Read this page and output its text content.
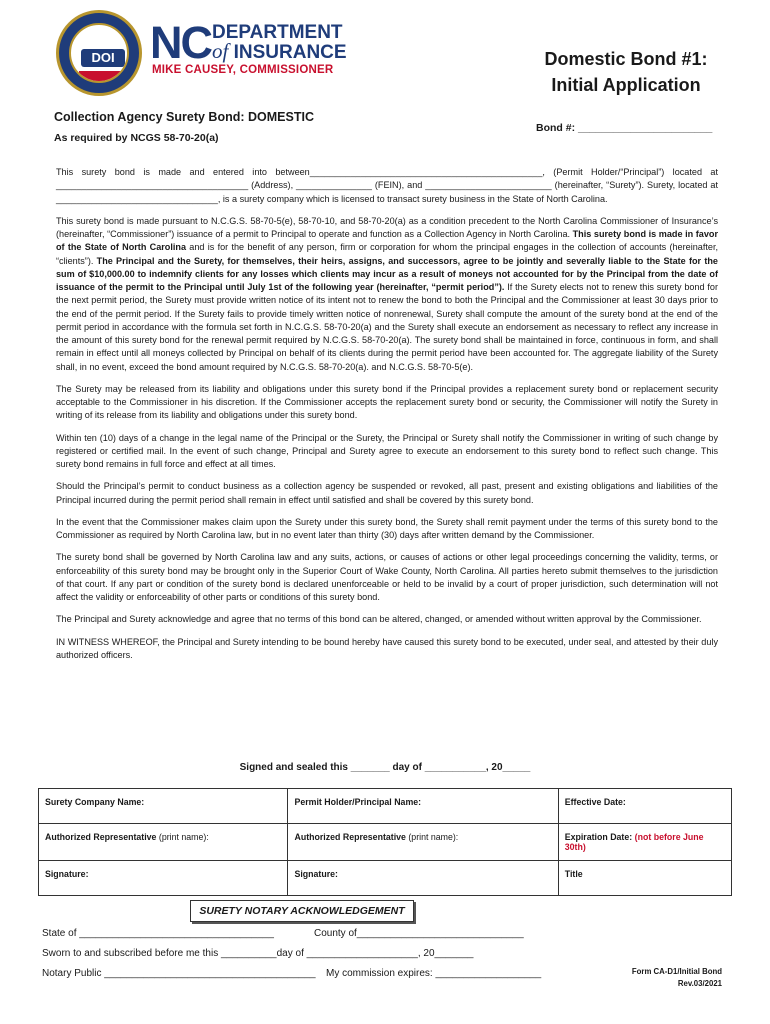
DOI NC DEPARTMENT
of INSURANCE
MIKE CAUSEY, COMMISSIONER
Domestic Bond #1:
Initial Application
Collection Agency Surety Bond: DOMESTIC
As required by NCGS 58-70-20(a)
Bond #: _______________________

This surety bond is made and entered into between______________________________________________, (Permit Holder/“Principal”) located at ______________________________________ (Address), _______________ (FEIN), and _________________________ (hereinafter, “Surety”). Surety, located at ________________________________, is a surety company which is licensed to transact surety business in the State of North Carolina.

This surety bond is made pursuant to N.C.G.S. 58-70-5(e), 58-70-10, and 58-70-20(a) as a condition precedent to the North Carolina Commissioner of Insurance’s (hereinafter, “Commissioner”) issuance of a permit to Principal to operate and function as a Collection Agency in North Carolina. This surety bond is made in favor of the State of North Carolina and is for the benefit of any person, firm or corporation for whom the principal engages in the collection of accounts (hereinafter, “clients”). The Principal and the Surety, for themselves, their heirs, assigns, and successors, agree to be jointly and severally liable to the State for the sum of $10,000.00 to indemnify clients for any losses which clients may incur as a result of moneys not accounted for by the Principal from the date of issuance of the permit to the Principal until July 1st of the following year (hereinafter, “permit period”). If the Surety elects not to renew this surety bond for the next permit period, the Surety must provide written notice of its intent not to renew the bond to both the Principal and the Commissioner at least 30 days prior to the end of the permit period. If the Surety fails to provide timely written notice of nonrenewal, Surety shall compute the amount of the surety bond at the end of the permit period in accordance with the formula set forth in N.C.G.S. 58-70-20(a) and the Surety shall execute an endorsement as necessary to reflect any increase in the amount of this surety bond for the renewal permit required by N.C.G.S. 58-70-20(a). The surety bond shall be maintained in force, continuous in form, and shall remain in effect until all moneys collected by Principal on behalf of its clients during the permit period have been accounted for. The aggregate liability of the Surety shall, in no event, exceed the bond amount required by N.C.G.S. 58-70-20(a). and N.C.G.S. 58-70-5(e).

The Surety may be released from its liability and obligations under this surety bond if the Principal provides a replacement surety bond or replacement security acceptable to the Commissioner in his discretion. If the Commissioner accepts the replacement surety bond or security, the Commissioner will notify the Surety in writing of its release from its liability and obligations under this surety bond.

Within ten (10) days of a change in the legal name of the Principal or the Surety, the Principal or Surety shall notify the Commissioner in writing of such change by registered or certified mail. In the event of such change, Principal and Surety agree to execute an endorsement to this surety bond to reflect such change. This surety bond remains in full force and effect at all times.

Should the Principal’s permit to conduct business as a collection agency be suspended or revoked, all past, present and existing obligations and liabilities of the Principal incurred during the permit period shall remain in effect until satisfied and shall be covered by this surety bond.

In the event that the Commissioner makes claim upon the Surety under this surety bond, the Surety shall remit payment under the terms of this surety bond to the Commissioner as required by North Carolina law, but in no event later than thirty (30) days after written demand by the Commissioner.

The surety bond shall be governed by North Carolina law and any suits, actions, or causes of actions or other legal proceedings concerning the validity, terms, or enforceability of this surety bond may be brought only in the Superior Court of Wake County, North Carolina. All parties hereto submit themselves to the jurisdiction of that court. If any part or condition of the surety bond is declared unenforceable or held to be invalid by a court of proper jurisdiction, such determination will not affect the validity or enforceability of other parts or conditions of this surety bond.

The Principal and Surety acknowledge and agree that no terms of this bond can be altered, changed, or amended without written approval by the Commissioner.

IN WITNESS WHEREOF, the Principal and Surety intending to be bound hereby have caused this surety bond to be executed, under seal, and attested by their duly authorized officers.

Signed and sealed this _______ day of ___________, 20_____
Surety Company Name:	Permit Holder/Principal Name:	Effective Date:
Authorized Representative (print name):	Authorized Representative (print name):	Expiration Date: (not before June 30th)
Signature:	Signature:	Title
SURETY NOTARY ACKNOWLEDGEMENT
State of ___________________________________	County of______________________________
Sworn to and subscribed before me this __________day of ____________________, 20_______
Notary Public ______________________________________ My commission expires: ___________________	Form CA-D1/Initial Bond
Rev.03/2021
